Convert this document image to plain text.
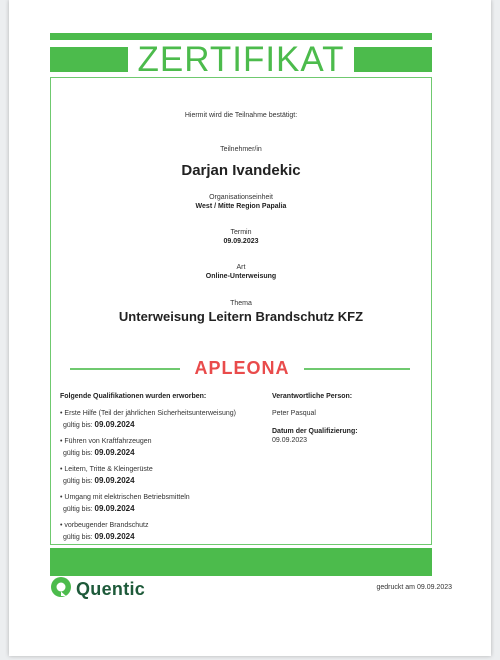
ZERTIFIKAT
Hiermit wird die Teilnahme bestätigt:
Teilnehmer/in
Darjan Ivandekic
Organisationseinheit
West / Mitte Region Papalia
Termin
09.09.2023
Art
Online-Unterweisung
Thema
Unterweisung Leitern Brandschutz KFZ
APLEONA
Folgende Qualifikationen wurden erworben:
• Erste Hilfe (Teil der jährlichen Sicherheitsunterweisung)
gültig bis: 09.09.2024
• Führen von Kraftfahrzeugen
gültig bis: 09.09.2024
• Leitern, Tritte & Kleingerüste
gültig bis: 09.09.2024
• Umgang mit elektrischen Betriebsmitteln
gültig bis: 09.09.2024
• vorbeugender Brandschutz
gültig bis: 09.09.2024
Verantwortliche Person:
Peter Pasqual
Datum der Qualifizierung:
09.09.2023
Quentic	gedruckt am 09.09.2023
